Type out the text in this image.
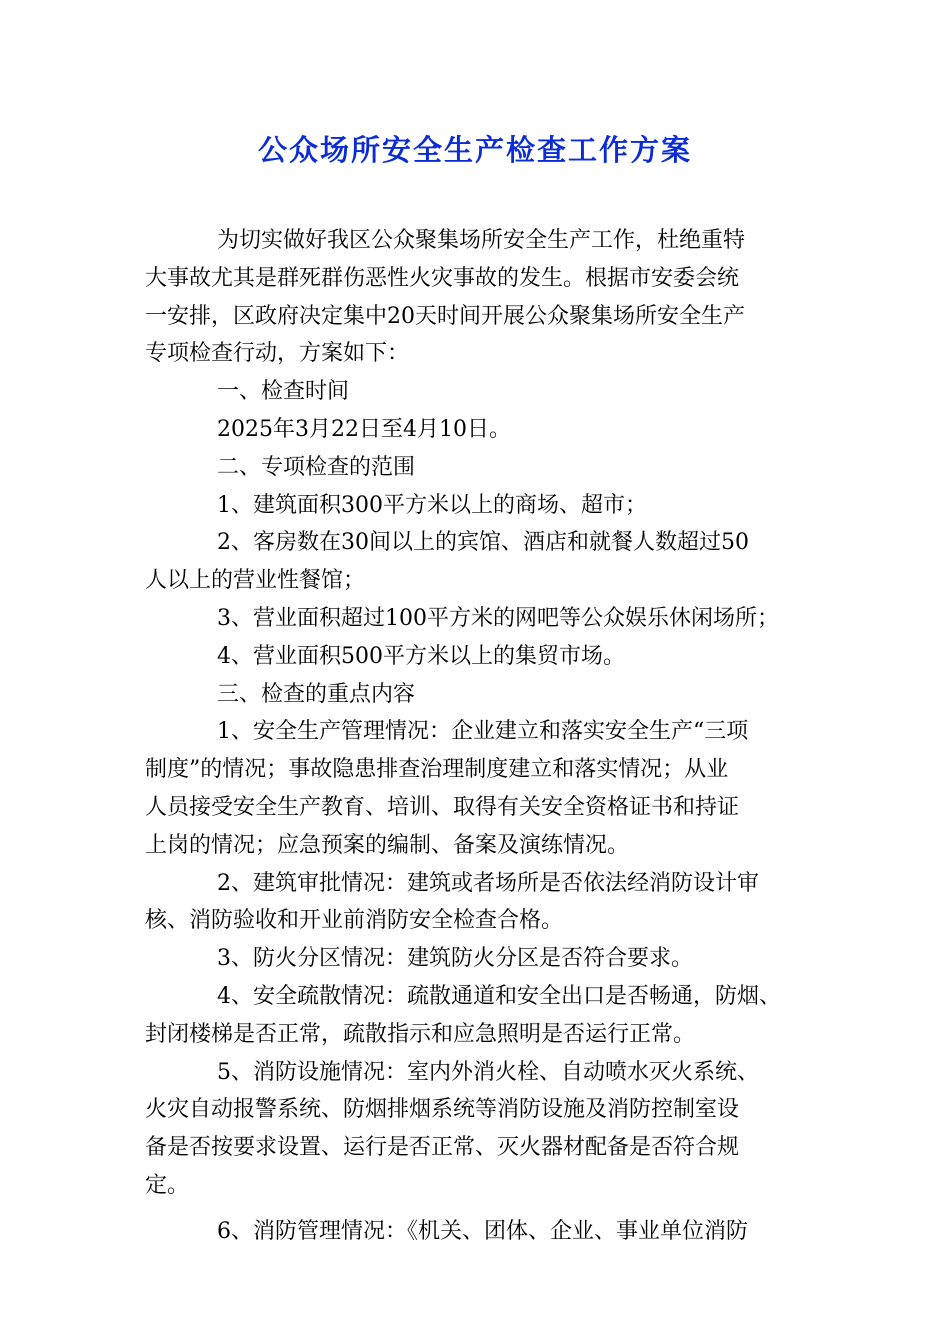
公众场所安全生产检查工作方案
为切实做好我区公众聚集场所安全生产工作，杜绝重特
大事故尤其是群死群伤恶性火灾事故的发生。根据市安委会统
一安排，区政府决定集中20天时间开展公众聚集场所安全生产
专项检查行动，方案如下：
一、检查时间
2025年3月22日至4月10日。
二、专项检查的范围
1、建筑面积300平方米以上的商场、超市；
2、客房数在30间以上的宾馆、酒店和就餐人数超过50
人以上的营业性餐馆；
3、营业面积超过100平方米的网吧等公众娱乐休闲场所；
4、营业面积500平方米以上的集贸市场。
三、检查的重点内容
1、安全生产管理情况：企业建立和落实安全生产“三项
制度”的情况；事故隐患排查治理制度建立和落实情况；从业
人员接受安全生产教育、培训、取得有关安全资格证书和持证
上岗的情况；应急预案的编制、备案及演练情况。
2、建筑审批情况：建筑或者场所是否依法经消防设计审
核、消防验收和开业前消防安全检查合格。
3、防火分区情况：建筑防火分区是否符合要求。
4、安全疏散情况：疏散通道和安全出口是否畅通，防烟、
封闭楼梯是否正常，疏散指示和应急照明是否运行正常。
5、消防设施情况：室内外消火栓、自动喷水灭火系统、
火灾自动报警系统、防烟排烟系统等消防设施及消防控制室设
备是否按要求设置、运行是否正常、灭火器材配备是否符合规
定。
6、消防管理情况：《机关、团体、企业、事业单位消防
